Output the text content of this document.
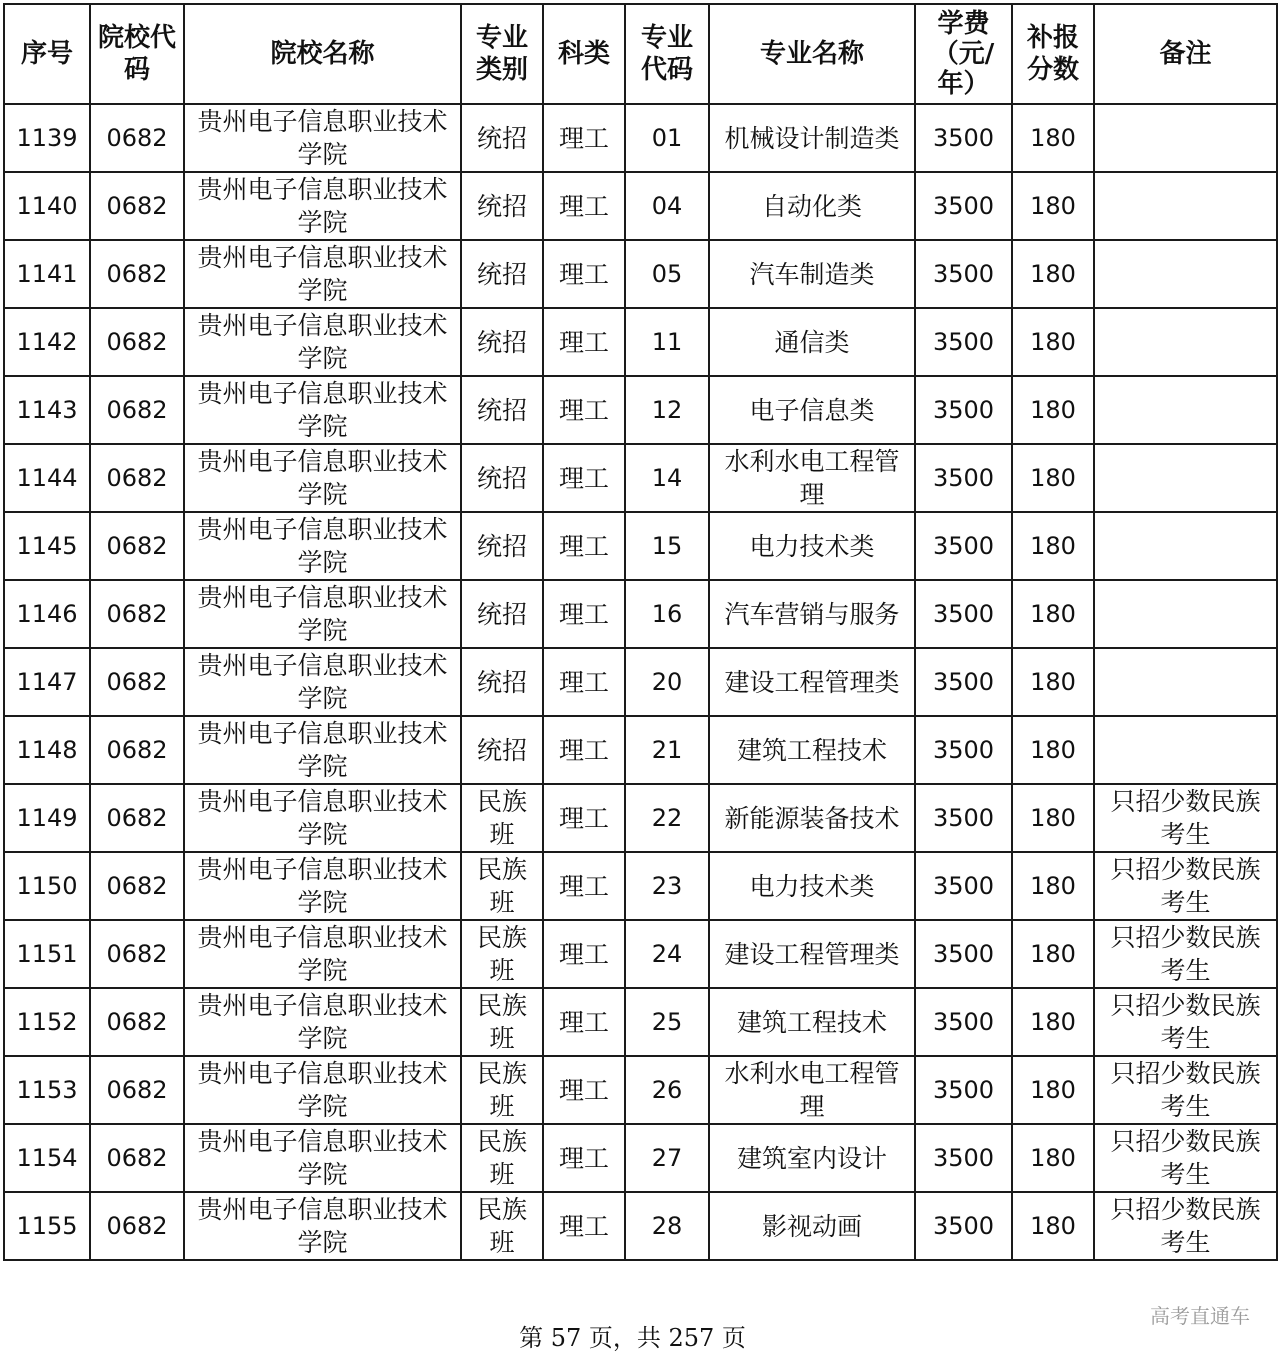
序号	院校代码	院校名称	专业类别	科类	专业代码	专业名称	学费（元/年）	补报分数	备注
1139	0682	贵州电子信息职业技术学院	统招	理工	01	机械设计制造类	3500	180	
1140	0682	贵州电子信息职业技术学院	统招	理工	04	自动化类	3500	180	
1141	0682	贵州电子信息职业技术学院	统招	理工	05	汽车制造类	3500	180	
1142	0682	贵州电子信息职业技术学院	统招	理工	11	通信类	3500	180	
1143	0682	贵州电子信息职业技术学院	统招	理工	12	电子信息类	3500	180	
1144	0682	贵州电子信息职业技术学院	统招	理工	14	水利水电工程管理	3500	180	
1145	0682	贵州电子信息职业技术学院	统招	理工	15	电力技术类	3500	180	
1146	0682	贵州电子信息职业技术学院	统招	理工	16	汽车营销与服务	3500	180	
1147	0682	贵州电子信息职业技术学院	统招	理工	20	建设工程管理类	3500	180	
1148	0682	贵州电子信息职业技术学院	统招	理工	21	建筑工程技术	3500	180	
1149	0682	贵州电子信息职业技术学院	民族班	理工	22	新能源装备技术	3500	180	只招少数民族考生
1150	0682	贵州电子信息职业技术学院	民族班	理工	23	电力技术类	3500	180	只招少数民族考生
1151	0682	贵州电子信息职业技术学院	民族班	理工	24	建设工程管理类	3500	180	只招少数民族考生
1152	0682	贵州电子信息职业技术学院	民族班	理工	25	建筑工程技术	3500	180	只招少数民族考生
1153	0682	贵州电子信息职业技术学院	民族班	理工	26	水利水电工程管理	3500	180	只招少数民族考生
1154	0682	贵州电子信息职业技术学院	民族班	理工	27	建筑室内设计	3500	180	只招少数民族考生
1155	0682	贵州电子信息职业技术学院	民族班	理工	28	影视动画	3500	180	只招少数民族考生
第 57 页，共 257 页
高考直通车
